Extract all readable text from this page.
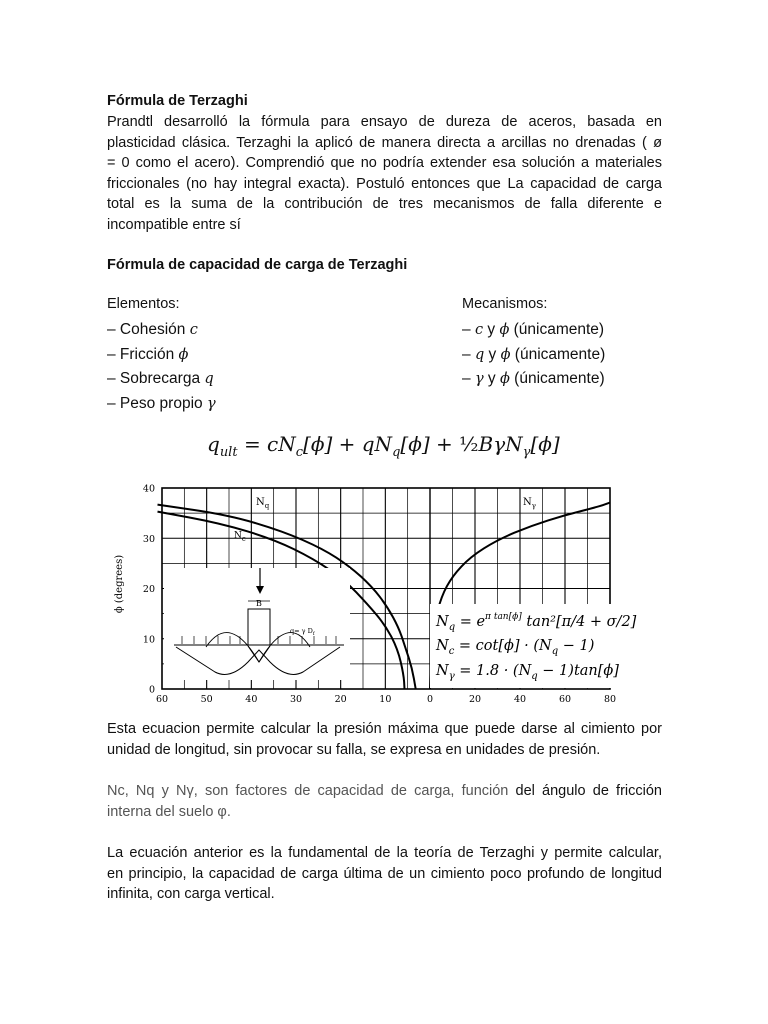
Fórmula de Terzaghi

Prandtl desarrolló la fórmula para ensayo de dureza de aceros, basada en
plasticidad clásica. Terzaghi la aplicó de manera directa a arcillas no drenadas ( ø
= 0 como el acero). Comprendió que no podría extender esa solución a materiales
friccionales (no hay integral exacta). Postuló entonces que La capacidad de carga
total es la suma de la contribución de tres mecanismos de falla diferente e
incompatible entre sí

Fórmula de capacidad de carga de Terzaghi
Elementos:
– Cohesión c
– Fricción ϕ
– Sobrecarga q
– Peso propio γ
Mecanismos:
– c y ϕ (únicamente)
– q y ϕ (únicamente)
– γ y ϕ (únicamente)
$q_{ult} = cN_c[\phi] + qN_q[\phi]$ + ½BγN$_\gamma$[ϕ]
0
10
20
30
40
60	50	40	30	20	10	0	20	40	60	80
ϕ (degrees)
$N_q$
$N_c$
$N_\gamma$
B
q= γ $D_f$
$N_q = e^{\pi tan[\phi]}$ tan²[π/4 + σ/2]
$N_c = \cot[\phi] \cdot (N_q - 1)$
$N_\gamma = 1.8 \cdot (N_q - 1)\tan[\phi]$

Esta ecuacion permite calcular la presión máxima que puede darse al cimiento por
unidad de longitud, sin provocar su falla, se expresa en unidades de presión.

Nc, Nq y Nγ, son factores de capacidad de carga, función del ángulo de fricción
interna del suelo φ.

La ecuación anterior es la fundamental de la teoría de Terzaghi y permite calcular,
en principio, la capacidad de carga última de un cimiento poco profundo de longitud
infinita, con carga vertical.
